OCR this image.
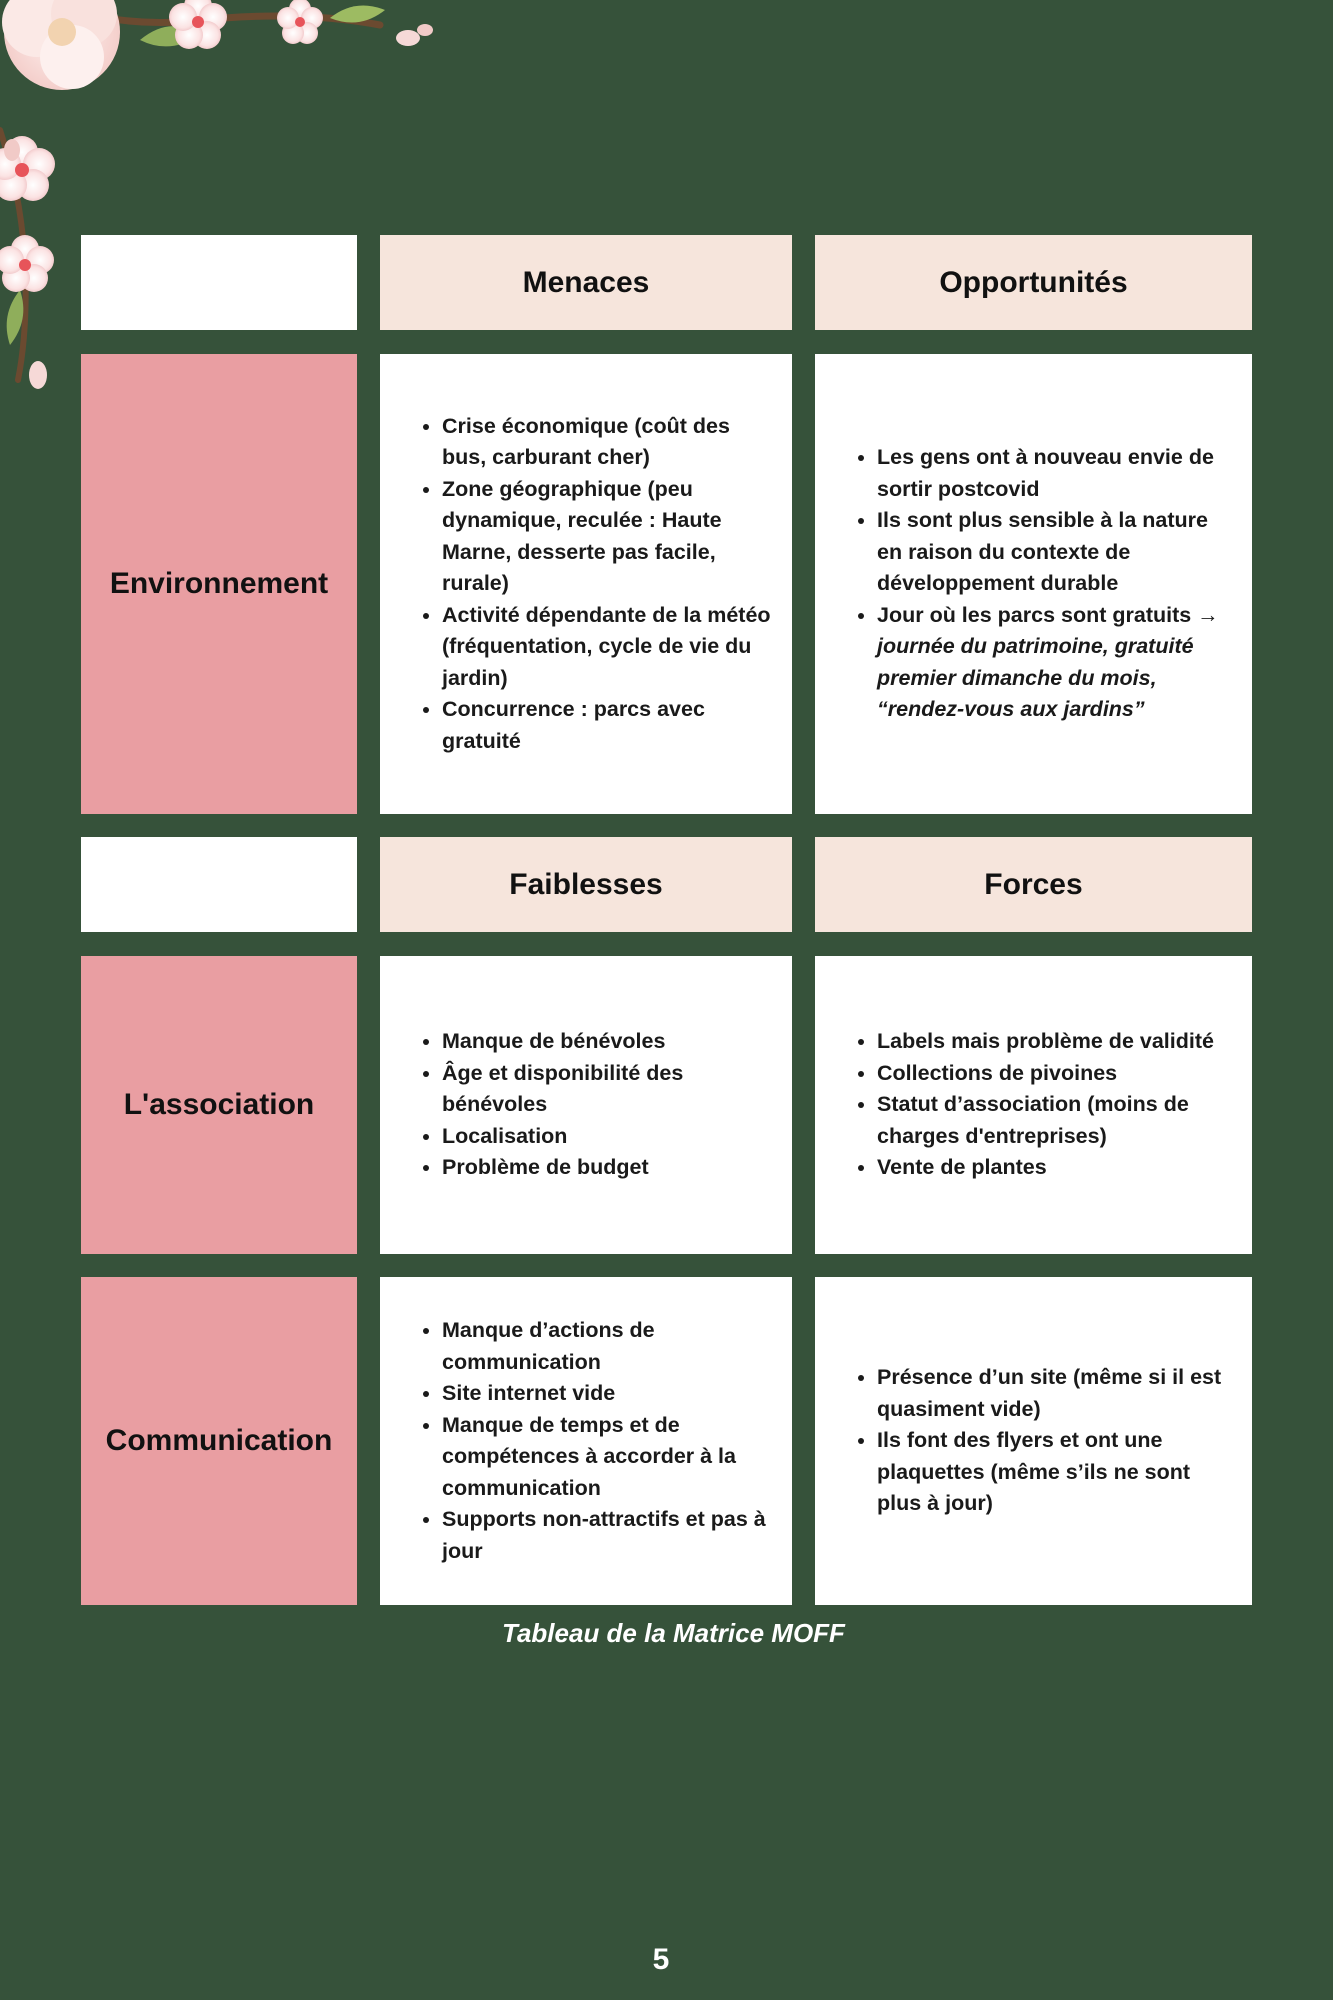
Menaces	Opportunités
Environnement
• Crise économique (coût des bus, carburant cher)
• Zone géographique (peu dynamique, reculée : Haute Marne, desserte pas facile, rurale)
• Activité dépendante de la météo (fréquentation, cycle de vie du jardin)
• Concurrence : parcs avec gratuité
• Les gens ont à nouveau envie de sortir postcovid
• Ils sont plus sensible à la nature en raison du contexte de développement durable
• Jour où les parcs sont gratuits → journée du patrimoine, gratuité premier dimanche du mois, “rendez-vous aux jardins”
Faiblesses	Forces
L'association
• Manque de bénévoles
• Âge et disponibilité des bénévoles
• Localisation
• Problème de budget
• Labels mais problème de validité
• Collections de pivoines
• Statut d’association (moins de charges d'entreprises)
• Vente de plantes
Communication
• Manque d’actions de communication
• Site internet vide
• Manque de temps et de compétences à accorder à la communication
• Supports non-attractifs et pas à jour
• Présence d’un site (même si il est quasiment vide)
• Ils font des flyers et ont une plaquettes (même s’ils ne sont plus à jour)
Tableau de la Matrice MOFF
5
